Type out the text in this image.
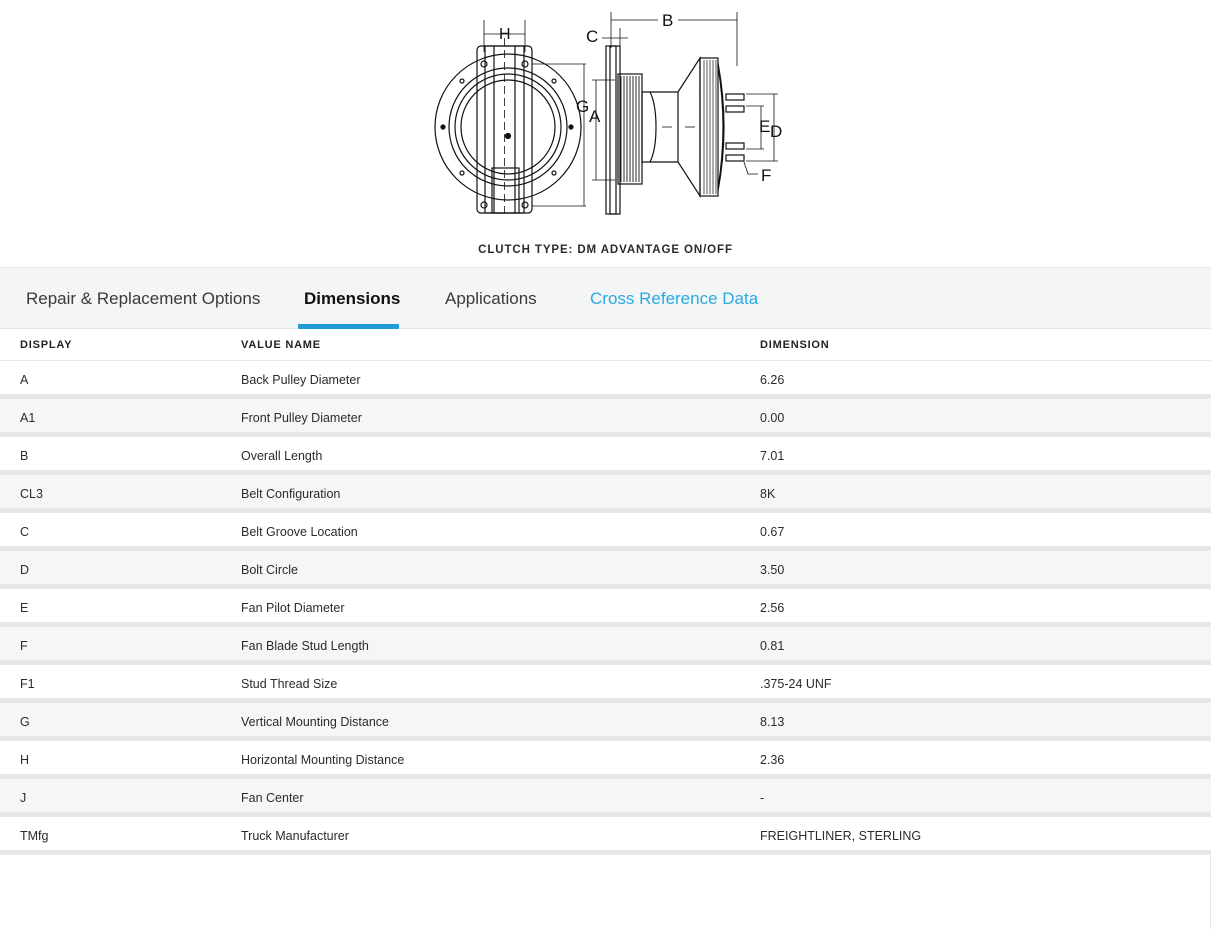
H
G
A
B
C
E D
F
CLUTCH TYPE: DM ADVANTAGE ON/OFF
Repair & Replacement Options	Dimensions	Applications	Cross Reference Data
DISPLAY	VALUE NAME	DIMENSION
A	Back Pulley Diameter	6.26
A1	Front Pulley Diameter	0.00
B	Overall Length	7.01
CL3	Belt Configuration	8K
C	Belt Groove Location	0.67
D	Bolt Circle	3.50
E	Fan Pilot Diameter	2.56
F	Fan Blade Stud Length	0.81
F1	Stud Thread Size	.375-24 UNF
G	Vertical Mounting Distance	8.13
H	Horizontal Mounting Distance	2.36
J	Fan Center	-
TMfg	Truck Manufacturer	FREIGHTLINER, STERLING
